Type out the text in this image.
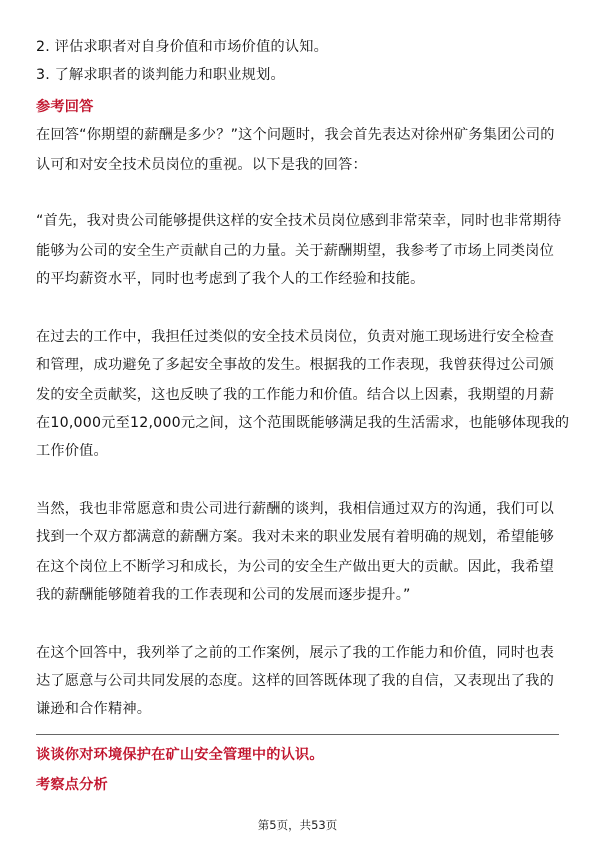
2. 评估求职者对自身价值和市场价值的认知。
3. 了解求职者的谈判能力和职业规划。
参考回答
在回答“你期望的薪酬是多少？”这个问题时，我会首先表达对徐州矿务集团公司的
认可和对安全技术员岗位的重视。以下是我的回答：
“首先，我对贵公司能够提供这样的安全技术员岗位感到非常荣幸，同时也非常期待
能够为公司的安全生产贡献自己的力量。关于薪酬期望，我参考了市场上同类岗位
的平均薪资水平，同时也考虑到了我个人的工作经验和技能。
在过去的工作中，我担任过类似的安全技术员岗位，负责对施工现场进行安全检查
和管理，成功避免了多起安全事故的发生。根据我的工作表现，我曾获得过公司颁
发的安全贡献奖，这也反映了我的工作能力和价值。结合以上因素，我期望的月薪
在10,000元至12,000元之间，这个范围既能够满足我的生活需求，也能够体现我的
工作价值。
当然，我也非常愿意和贵公司进行薪酬的谈判，我相信通过双方的沟通，我们可以
找到一个双方都满意的薪酬方案。我对未来的职业发展有着明确的规划，希望能够
在这个岗位上不断学习和成长，为公司的安全生产做出更大的贡献。因此，我希望
我的薪酬能够随着我的工作表现和公司的发展而逐步提升。”
在这个回答中，我列举了之前的工作案例，展示了我的工作能力和价值，同时也表
达了愿意与公司共同发展的态度。这样的回答既体现了我的自信，又表现出了我的
谦逊和合作精神。
谈谈你对环境保护在矿山安全管理中的认识。
考察点分析
第5页，共53页
